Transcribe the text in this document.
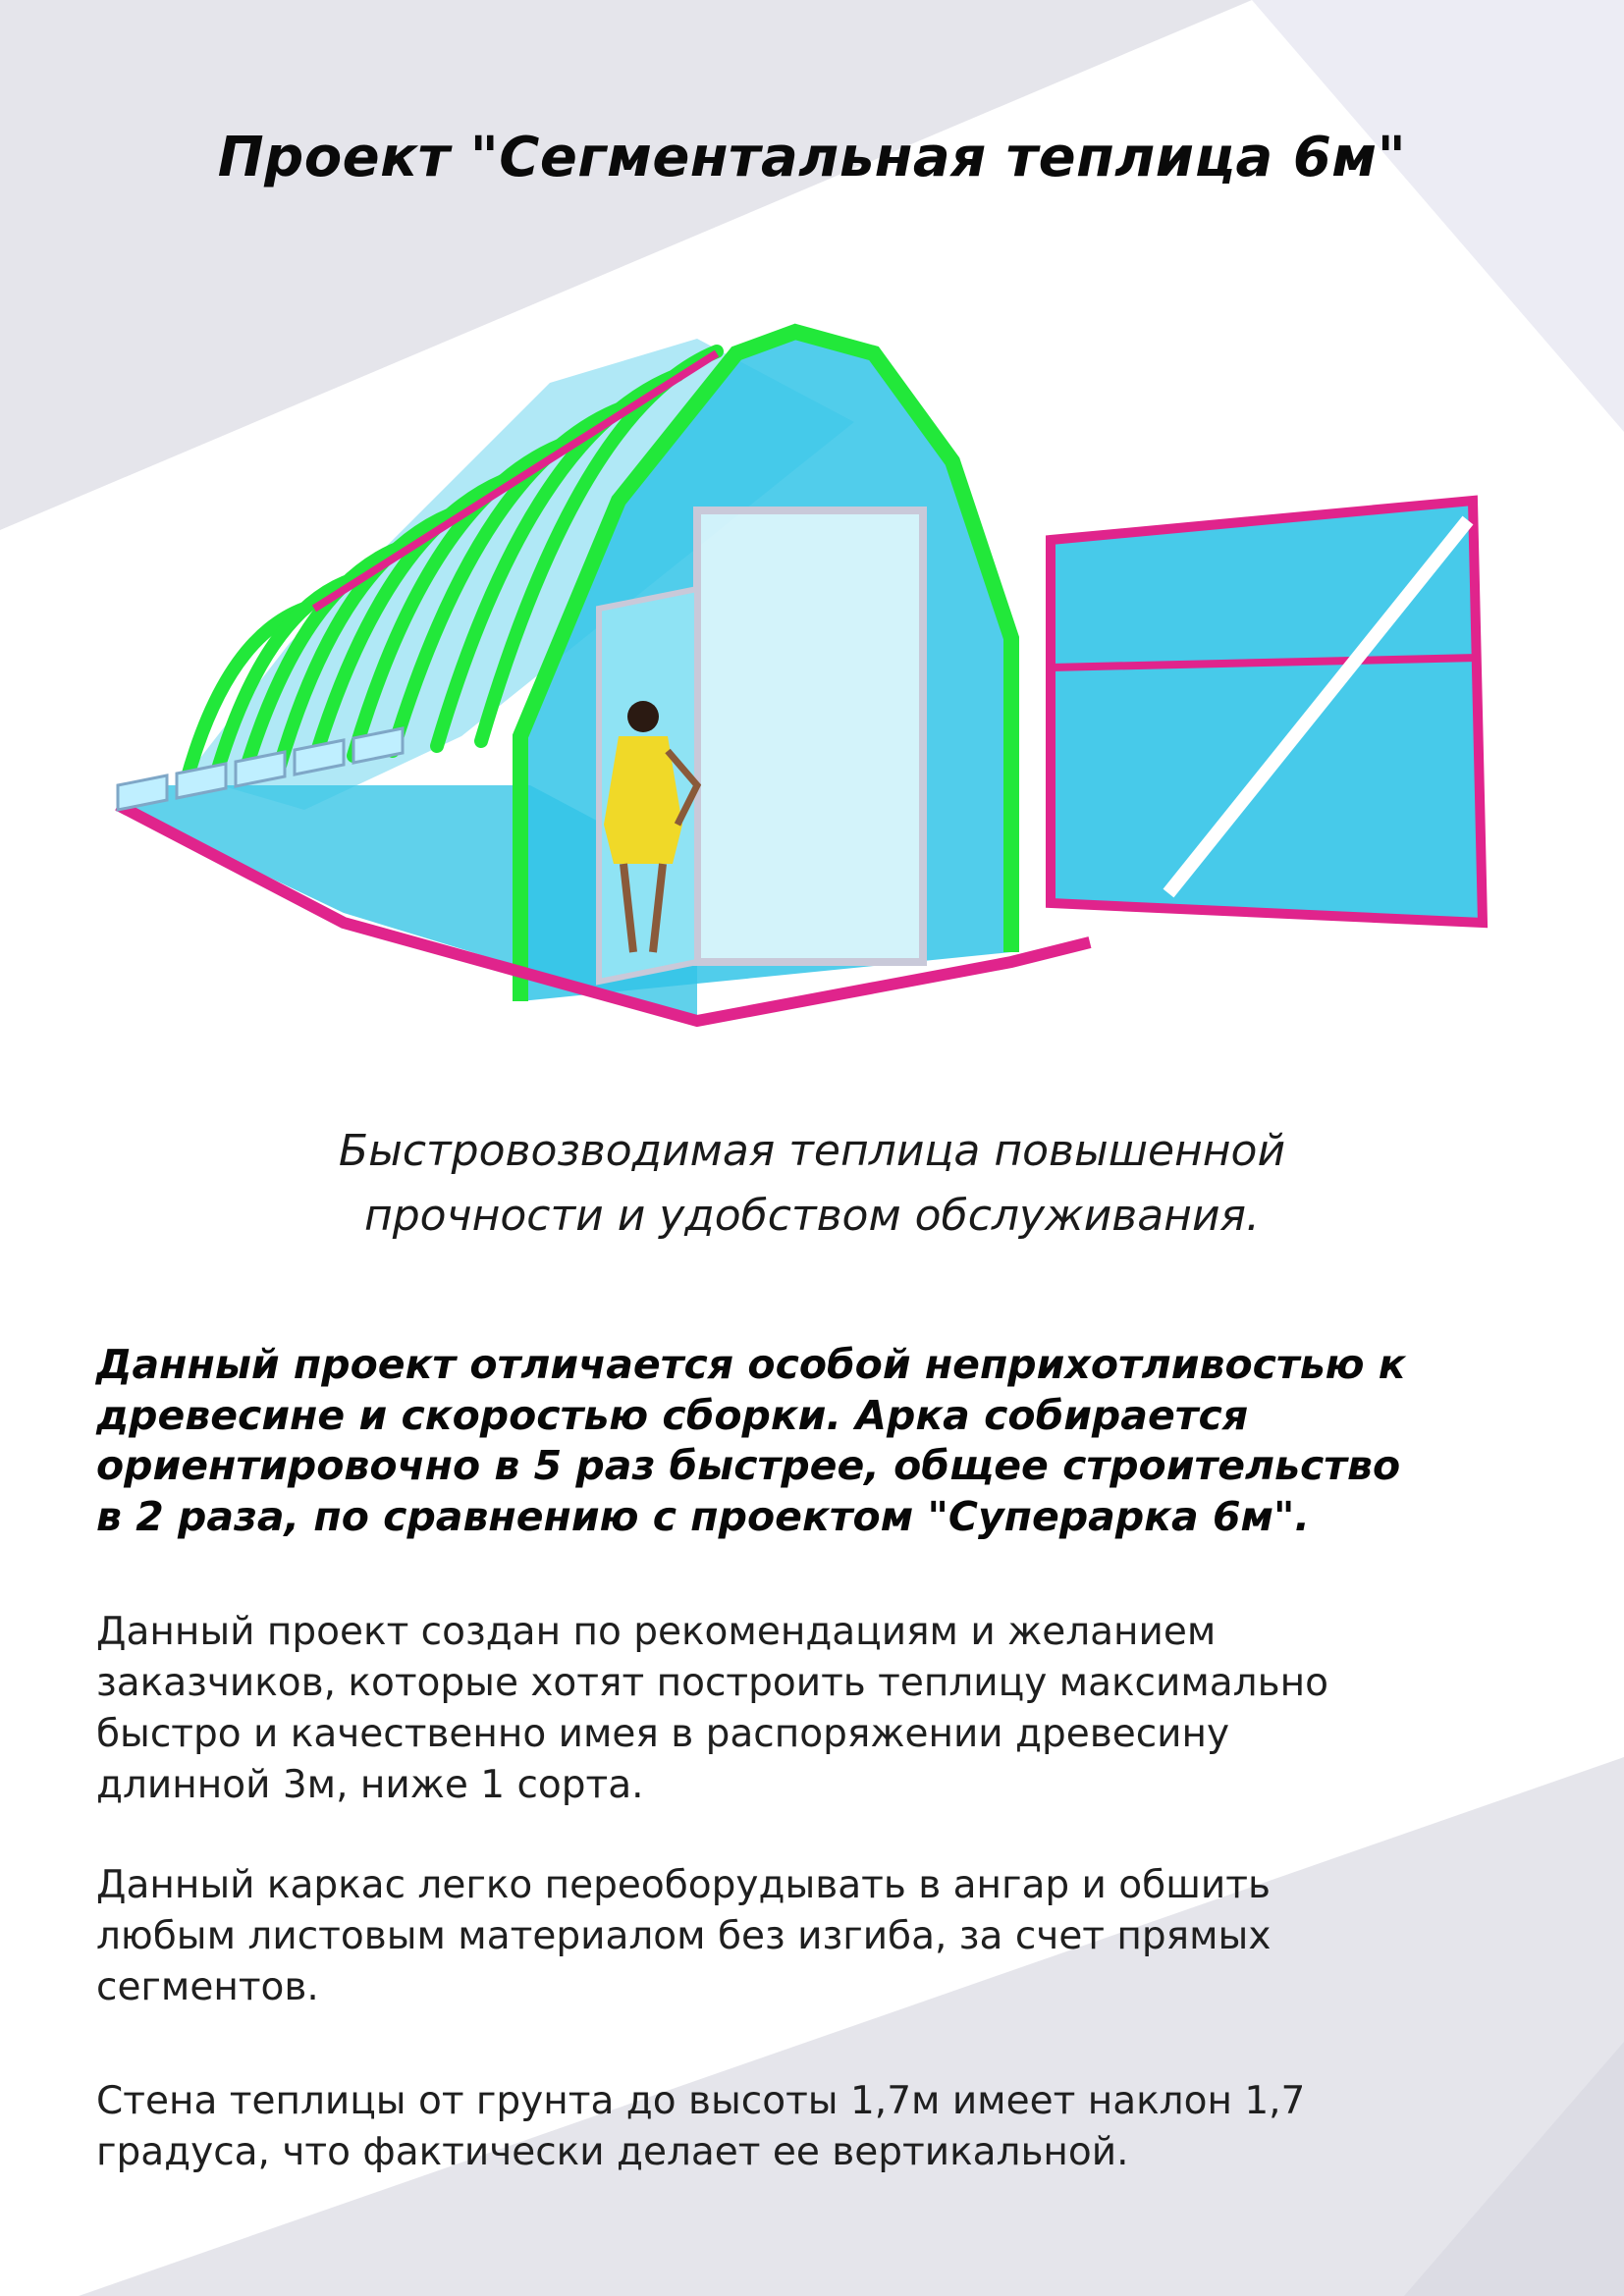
Проект "Сегментальная теплица 6м"
Быстровозводимая теплица повышенной
прочности и удобством обслуживания.
Данный проект отличается особой неприхотливостью к
древесине и скоростью сборки. Арка собирается
ориентировочно в 5 раз быстрее, общее строительство
в 2 раза, по сравнению с проектом "Суперарка 6м".
Данный проект создан по рекомендациям и желанием
заказчиков, которые хотят построить теплицу максимально
быстро и качественно имея в распоряжении древесину
длинной 3м, ниже 1 сорта.
Данный каркас легко переоборудывать в ангар и обшить
любым листовым материалом без изгиба, за счет прямых
сегментов.
Стена теплицы от грунта до высоты 1,7м имеет наклон 1,7
градуса, что фактически делает ее вертикальной.
